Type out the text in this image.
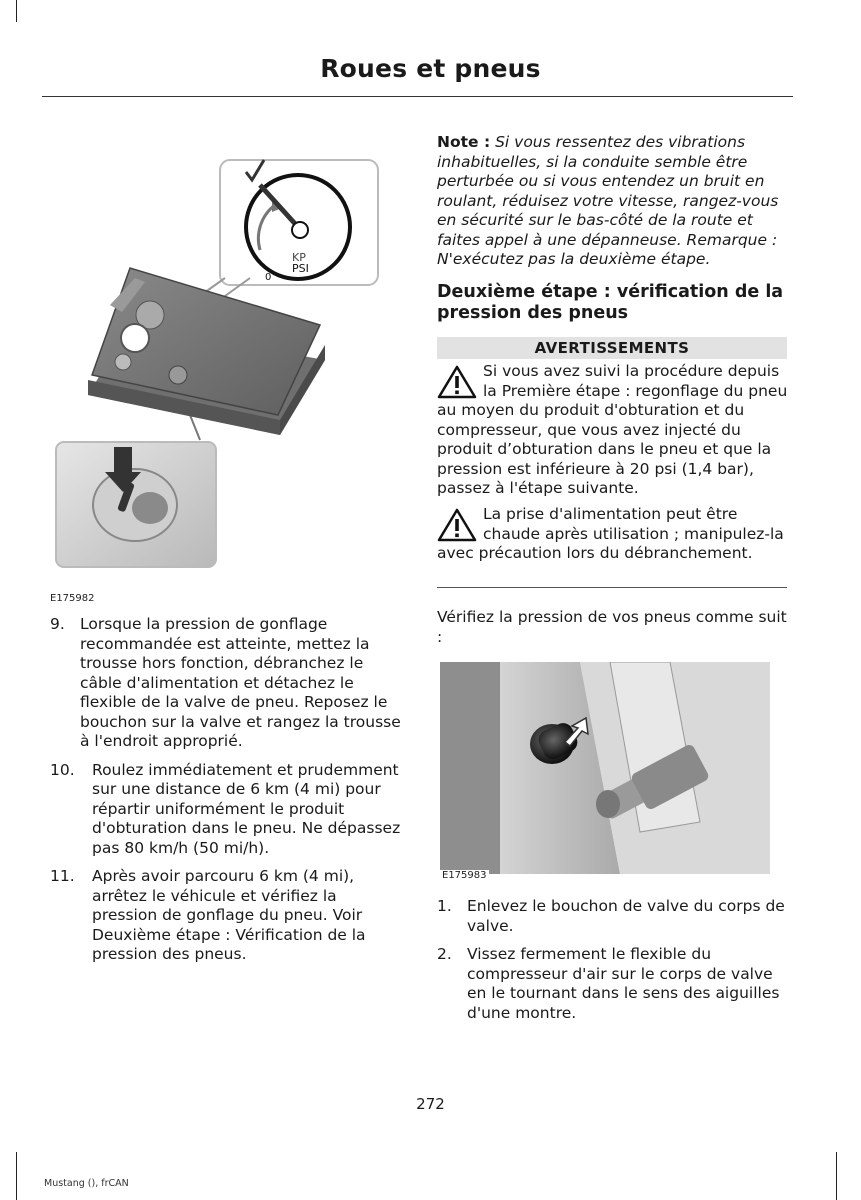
Roues et pneus
KP
PSI
0
E175982
9. Lorsque la pression de gonflage recommandée est atteinte, mettez la trousse hors fonction, débranchez le câble d'alimentation et détachez le flexible de la valve de pneu. Reposez le bouchon sur la valve et rangez la trousse à l'endroit approprié.
10.	Roulez immédiatement et prudemment sur une distance de 6 km (4 mi) pour répartir uniformément le produit d'obturation dans le pneu. Ne dépassez pas 80 km/h (50 mi/h).
11.	Après avoir parcouru 6 km (4 mi), arrêtez le véhicule et vérifiez la pression de gonflage du pneu. Voir Deuxième étape : Vérification de la pression des pneus.
Note : Si vous ressentez des vibrations inhabituelles, si la conduite semble être perturbée ou si vous entendez un bruit en roulant, réduisez votre vitesse, rangez-vous en sécurité sur le bas-côté de la route et faites appel à une dépanneuse. Remarque : N'exécutez pas la deuxième étape.
Deuxième étape : vérification de la pression des pneus
AVERTISSEMENTS
Si vous avez suivi la procédure depuis la Première étape : regonflage du pneu au moyen du produit d'obturation et du compresseur, que vous avez injecté du produit d’obturation dans le pneu et que la pression est inférieure à 20 psi (1,4 bar), passez à l'étape suivante.
La prise d'alimentation peut être chaude après utilisation ; manipulez-la avec précaution lors du débranchement.
Vérifiez la pression de vos pneus comme suit :
E175983
1. Enlevez le bouchon de valve du corps de valve.
2. Vissez fermement le flexible du compresseur d'air sur le corps de valve en le tournant dans le sens des aiguilles d'une montre.
272
Mustang (), frCAN
